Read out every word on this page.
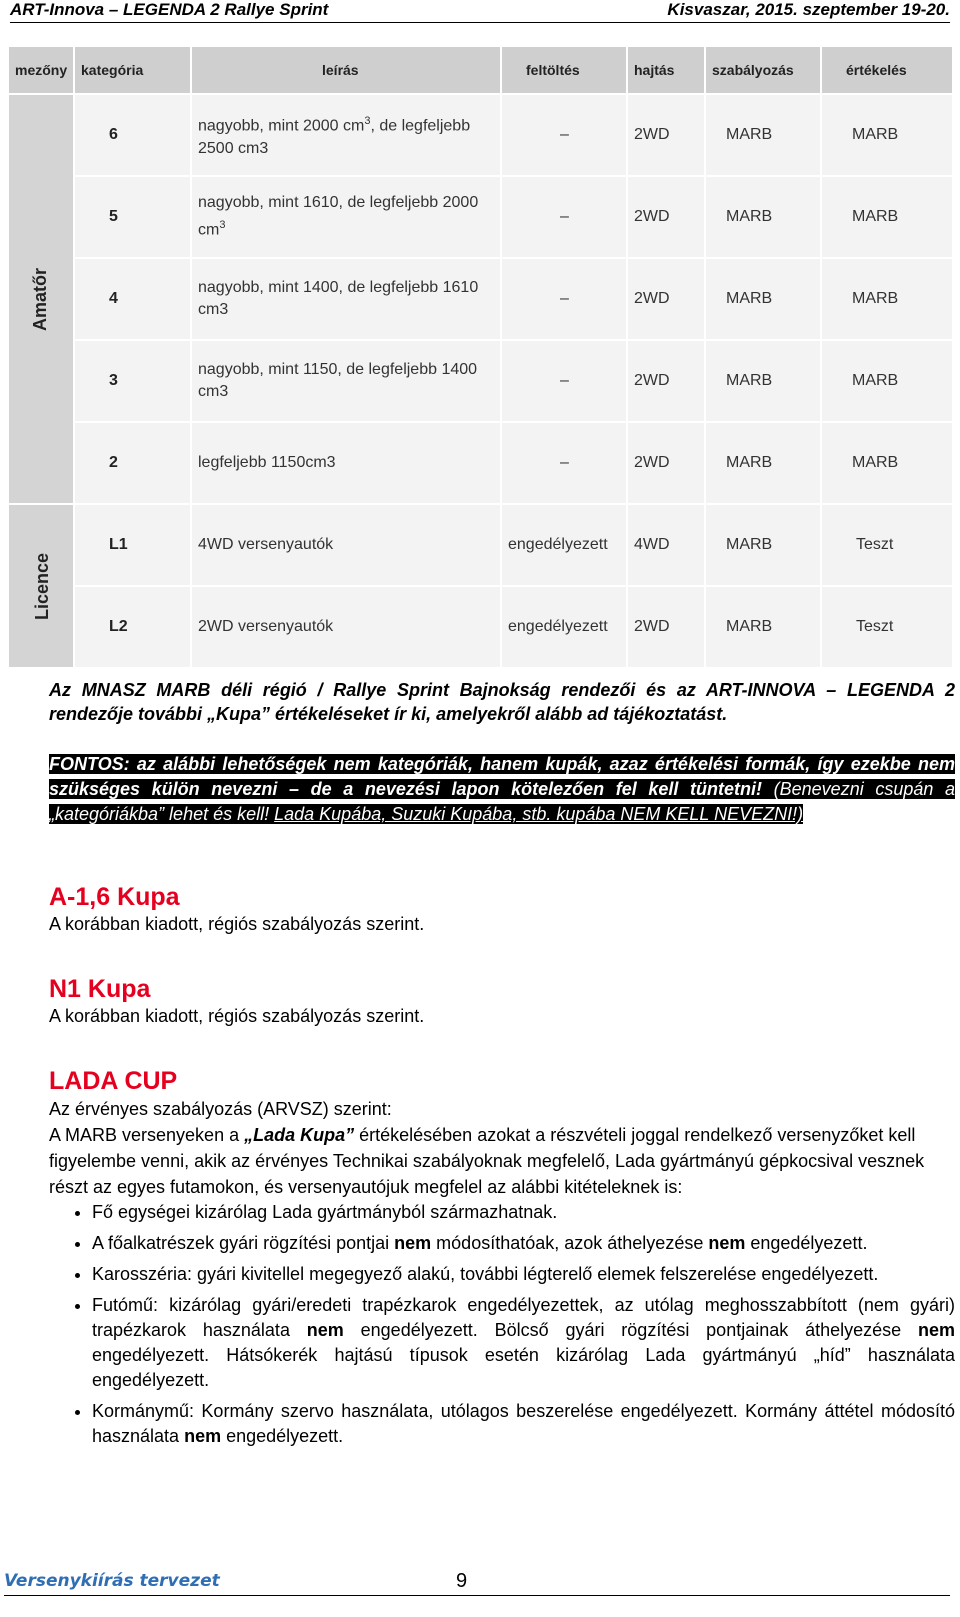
ART-Innova – LEGENDA 2 Rallye Sprint	Kisvaszar, 2015. szeptember 19-20.
mezőny	kategória	leírás	feltöltés	hajtás	szabályozás	értékelés
Amatőr	6	nagyobb, mint 2000 $cm^3$, de legfeljebb 2500 cm3	–	2WD	MARB	MARB
	5	nagyobb, mint 1610, de legfeljebb 2000 $cm^3$	–	2WD	MARB	MARB
	4	nagyobb, mint 1400, de legfeljebb 1610 cm3	–	2WD	MARB	MARB
	3	nagyobb, mint 1150, de legfeljebb 1400 cm3	–	2WD	MARB	MARB
	2	legfeljebb 1150cm3	–	2WD	MARB	MARB
Licence	L1	4WD versenyautók	engedélyezett	4WD	MARB	Teszt
	L2	2WD versenyautók	engedélyezett	2WD	MARB	Teszt
Az MNASZ MARB déli régió / Rallye Sprint Bajnokság rendezői és az ART-INNOVA – LEGENDA 2 rendezője további „Kupa” értékeléseket ír ki, amelyekről alább ad tájékoztatást.
FONTOS: az alábbi lehetőségek nem kategóriák, hanem kupák, azaz értékelési formák, így ezekbe nem szükséges külön nevezni – de a nevezési lapon kötelezően fel kell tüntetni! (Benevezni csupán a „kategóriákba” lehet és kell! Lada Kupába, Suzuki Kupába, stb. kupába NEM KELL NEVEZNI!)
A-1,6 Kupa
A korábban kiadott, régiós szabályozás szerint.
N1 Kupa
A korábban kiadott, régiós szabályozás szerint.
LADA CUP
Az érvényes szabályozás (ARVSZ) szerint:
A MARB versenyeken a „Lada Kupa” értékelésében azokat a részvételi joggal rendelkező versenyzőket kell figyelembe venni, akik az érvényes Technikai szabályoknak megfelelő, Lada gyártmányú gépkocsival vesznek részt az egyes futamokon, és versenyautójuk megfelel az alábbi kitételeknek is:
• Fő egységei kizárólag Lada gyártmányból származhatnak.
• A főalkatrészek gyári rögzítési pontjai nem módosíthatóak, azok áthelyezése nem engedélyezett.
• Karosszéria: gyári kivitellel megegyező alakú, további légterelő elemek felszerelése engedélyezett.
• Futómű: kizárólag gyári/eredeti trapézkarok engedélyezettek, az utólag meghosszabbított (nem gyári) trapézkarok használata nem engedélyezett. Bölcső gyári rögzítési pontjainak áthelyezése nem engedélyezett. Hátsókerék hajtású típusok esetén kizárólag Lada gyártmányú „híd” használata engedélyezett.
• Kormánymű: Kormány szervo használata, utólagos beszerelése engedélyezett. Kormány áttétel módosító használata nem engedélyezett.
Versenykiírás tervezet	9
